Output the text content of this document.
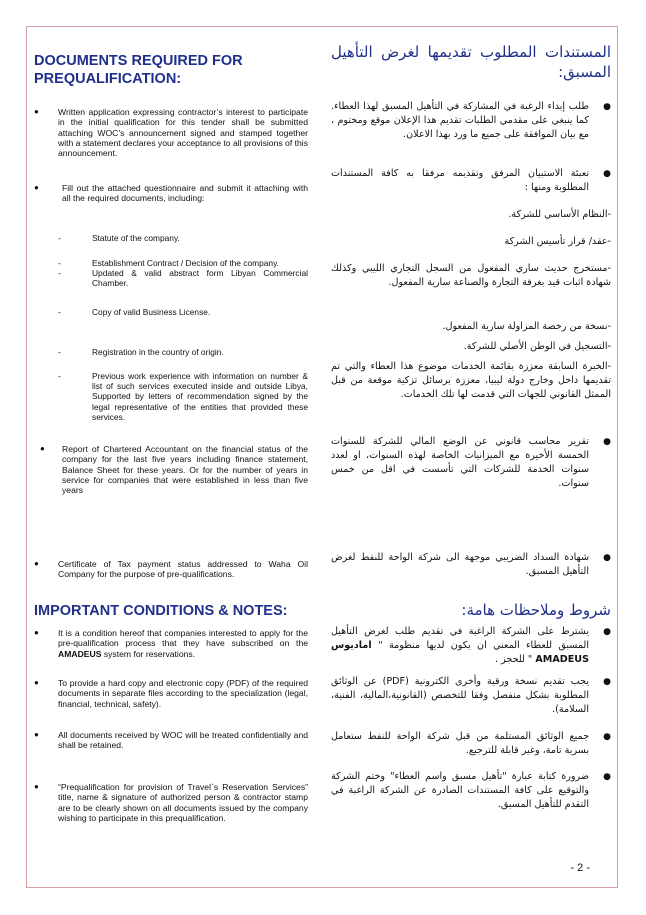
DOCUMENTS REQUIRED FOR PREQUALIFICATION:
● Written application expressing contractor’s interest to participate in the initial qualification for this tender shall be submitted attaching WOC’s announcement signed and stamped together with a statement declares your acceptance to all provisions of this announcement.
●	Fill out the attached questionnaire and submit it attaching with all the required documents, including:
-	Statute of the company.
-	Establishment Contract / Decision of the company.
-	Updated & valid abstract form Libyan Commercial Chamber.
-	Copy of valid Business License.
-	Registration in the country of origin.
-	Previous work experience with information on number & list of such services executed inside and outside Libya, Supported by letters of recommendation signed by the legal representative of the entities that provided these services.
● Report of Chartered Accountant on the financial status of the company for the last five years including finance statement, Balance Sheet for these years. Or for the number of years in service for companies that were established in less than five years
● Certificate of Tax payment status addressed to Waha Oil Company for the purpose of pre-qualifications.
IMPORTANT CONDITIONS & NOTES:
● It is a condition hereof that companies interested to apply for the pre-qualification process that they have subscribed on the AMADEUS system for reservations.
● To provide a hard copy and electronic copy (PDF) of the required documents in separate files according to the specialization (legal, financial, technical, safety).
● All documents received by WOC will be treated confidentially and shall be retained.
● “Prequalification for provision of Travel`s Reservation Services” title, name & signature of authorized person & contractor stamp are to be clearly shown on all documents issued by the company wishing to participate in this prequalification.
المستندات المطلوب تقديمها لغرض التأهيل المسبق:
●
طلب إبداء الرغبة في المشاركة في التأهيل المسبق لهذا العطاء. كما ينبغي على مقدمي الطلبات تقديم هذا الإعلان موقع ومختوم ، مع بيان الموافقة على جميع ما ورد بهذا الاعلان.
●
تعبئة الاستبيان المرفق وتقديمه مرفقا به كافة المستندات المطلوبة ومنها :
-النظام الأساسي للشركة.
-عقد/ قرار تأسيس الشركة
-مستخرج حديث ساري المفعول من السجل التجاري الليبي وكذلك شهادة اثبات قيد بغرفة التجارة والصناعة سارية المفعول.
-نسخة من رخصة المزاولة سارية المفعول.
-التسجيل في الوطن الأصلي للشركة.
-الخبرة السابقة معززة بقائمة الخدمات موضوع هذا العطاء والتي تم تقديمها داخل وخارج دولة ليبيا، معززة برسائل تزكية موقعة من قبل الممثل القانوني للجهات التي قدمت لها تلك الخدمات.
●
تقرير محاسب قانوني عن الوضع المالي للشركة للسنوات الخمسة الأخيرة مع الميزانيات الخاصة لهذه السنوات، او لعدد سنوات الخدمة للشركات التي تأسست في اقل من خمس سنوات.
●
شهادة السداد الضريبي موجهة الى شركة الواحة للنفط لغرض التأهيل المسبق.
شروط وملاحظات هامة:
●
يشترط على الشركة الراغبة في تقديم طلب لغرض التأهيل المسبق للعطاء المعني ان يكون لديها منظومة " اماديوس AMADEUS " للحجز .
●
يجب تقديم نسخة ورقية وأخرى الكترونية (PDF) عن الوثائق المطلوبة بشكل منفصل وفقا للتخصص (القانونية،المالية، الفنية، السلامة).
●
جميع الوثائق المستلمة من قبل شركة الواحة للنفط ستعامل بسرية تامة، وغير قابلة للترجيع.
●
ضرورة كتابة عبارة "تأهيل مسبق واسم العطاء" وختم الشركة والتوقيع على كافة المستندات الصادرة عن الشركة الراغبة في التقدم للتأهيل المسبق.
- 2 -
